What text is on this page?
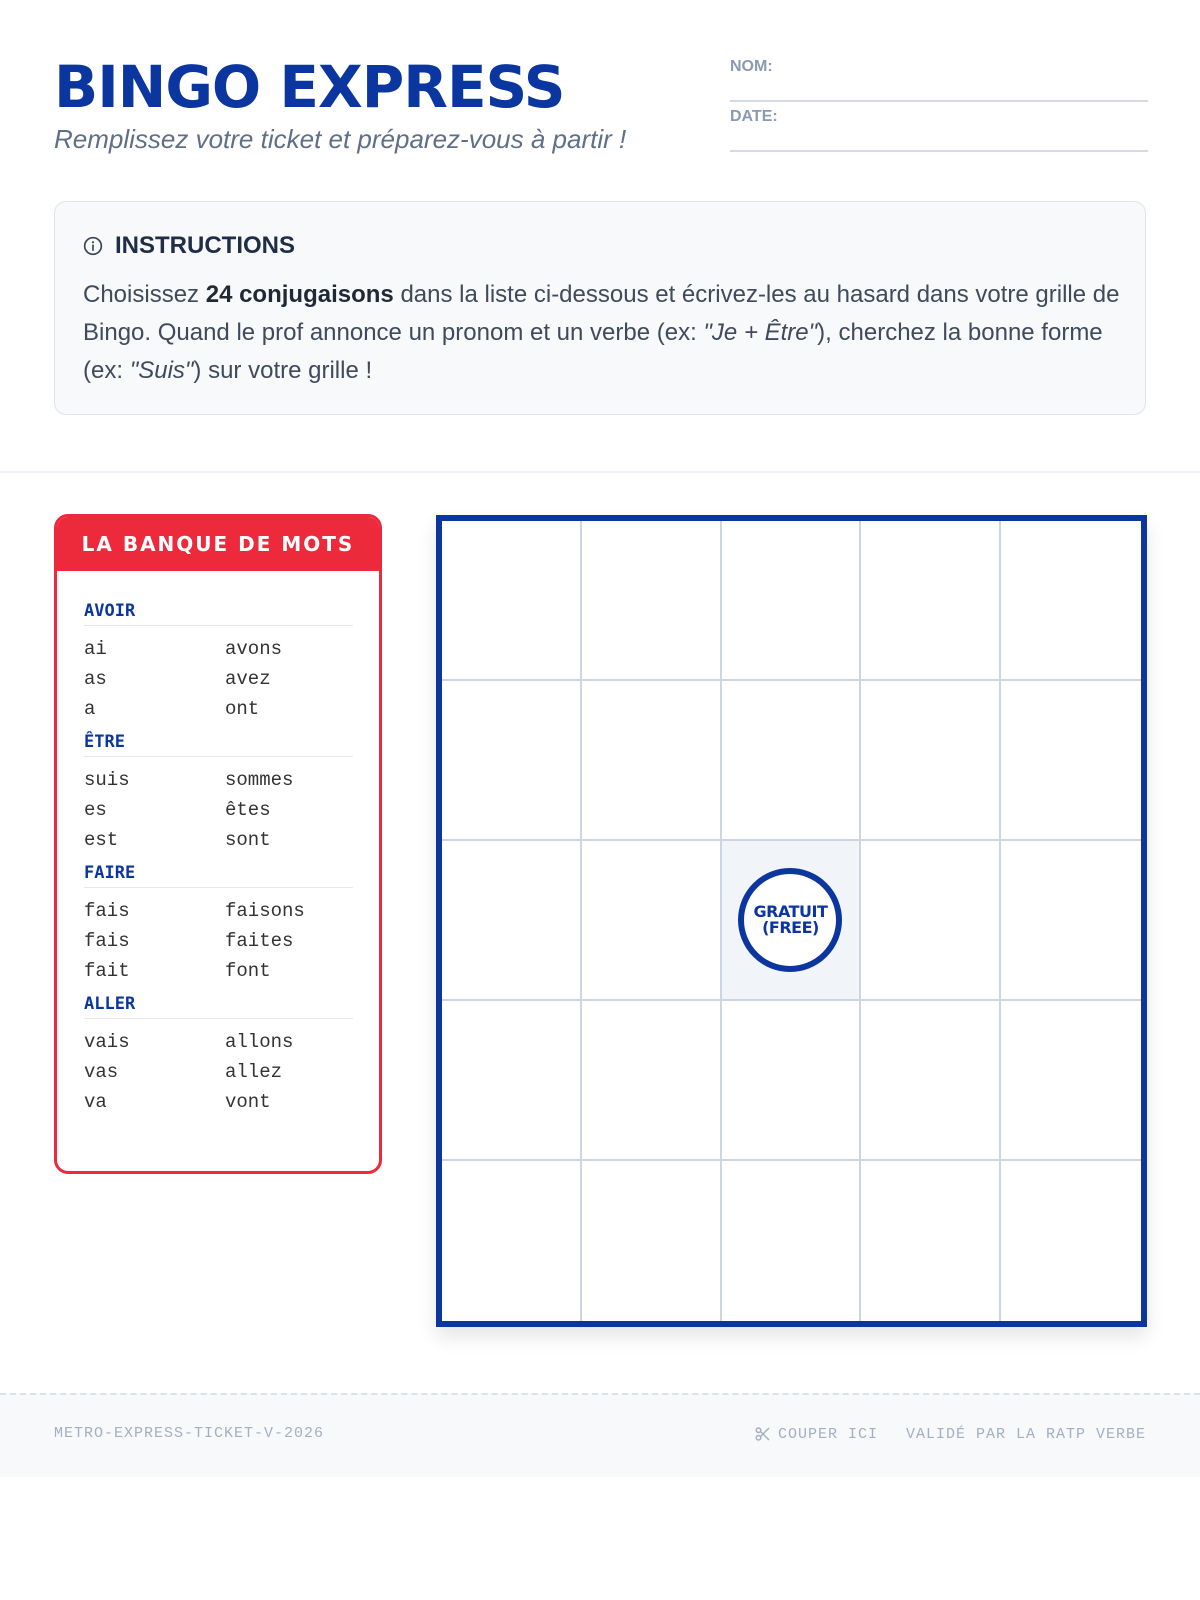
BINGO EXPRESS
Remplissez votre ticket et préparez-vous à partir !
NOM:
DATE:
INSTRUCTIONS

Choisissez 24 conjugaisons dans la liste ci-dessous et écrivez-les au hasard dans votre grille de Bingo. Quand le prof annonce un pronom et un verbe (ex: "Je + Être"), cherchez la bonne forme (ex: "Suis") sur votre grille !

LA BANQUE DE MOTS
AVOIR
ai	avons
as	avez
a	ont
ÊTRE
suis	sommes
es	êtes
est	sont
FAIRE
fais	faisons
fais	faites
fait	font
ALLER
vais	allons
vas	allez
va	vont
GRATUIT
(FREE)
METRO-EXPRESS-TICKET-V-2026	COUPER ICI VALIDÉ PAR LA RATP VERBE
